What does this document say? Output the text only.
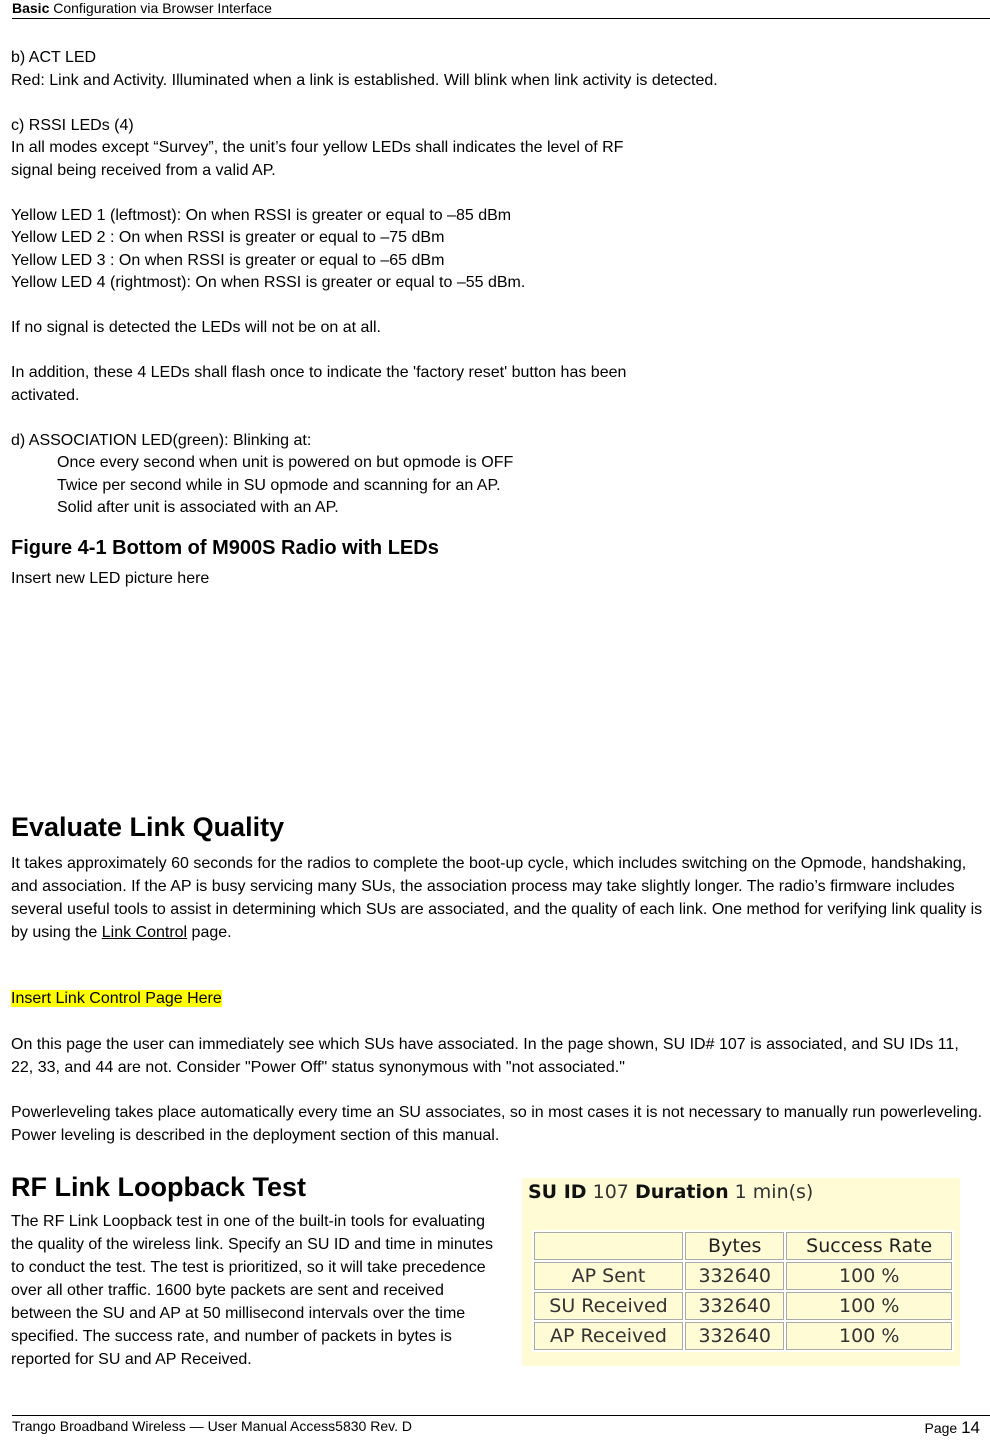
Basic Configuration via Browser Interface
b) ACT LED
Red: Link and Activity. Illuminated when a link is established. Will blink when link activity is detected.
c) RSSI LEDs (4)
In all modes except “Survey”, the unit’s four yellow LEDs shall indicates the level of RF
signal being received from a valid AP.
Yellow LED 1 (leftmost): On when RSSI is greater or equal to –85 dBm
Yellow LED 2 : On when RSSI is greater or equal to –75 dBm
Yellow LED 3 : On when RSSI is greater or equal to –65 dBm
Yellow LED 4 (rightmost): On when RSSI is greater or equal to –55 dBm.
If no signal is detected the LEDs will not be on at all.
In addition, these 4 LEDs shall flash once to indicate the 'factory reset' button has been
activated.
d) ASSOCIATION LED(green): Blinking at:
Once every second when unit is powered on but opmode is OFF
Twice per second while in SU opmode and scanning for an AP.
Solid after unit is associated with an AP.
Figure 4-1 Bottom of M900S Radio with LEDs
Insert new LED picture here
Evaluate Link Quality
It takes approximately 60 seconds for the radios to complete the boot-up cycle, which includes switching on the Opmode, handshaking, and association. If the AP is busy servicing many SUs, the association process may take slightly longer. The radio’s firmware includes several useful tools to assist in determining which SUs are associated, and the quality of each link. One method for verifying link quality is by using the Link Control page.
Insert Link Control Page Here
On this page the user can immediately see which SUs have associated. In the page shown, SU ID# 107 is associated, and SU IDs 11, 22, 33, and 44 are not. Consider "Power Off" status synonymous with "not associated."
Powerleveling takes place automatically every time an SU associates, so in most cases it is not necessary to manually run powerleveling. Power leveling is described in the deployment section of this manual.
RF Link Loopback Test
The RF Link Loopback test in one of the built-in tools for evaluating the quality of the wireless link. Specify an SU ID and time in minutes to conduct the test. The test is prioritized, so it will take precedence over all other traffic. 1600 byte packets are sent and received between the SU and AP at 50 millisecond intervals over the time specified. The success rate, and number of packets in bytes is reported for SU and AP Received.
SU ID 107 Duration 1 min(s)
	Bytes	Success Rate
AP Sent	332640	100 %
SU Received	332640	100 %
AP Received	332640	100 %
Trango Broadband Wireless — User Manual Access5830 Rev. D	Page 14
